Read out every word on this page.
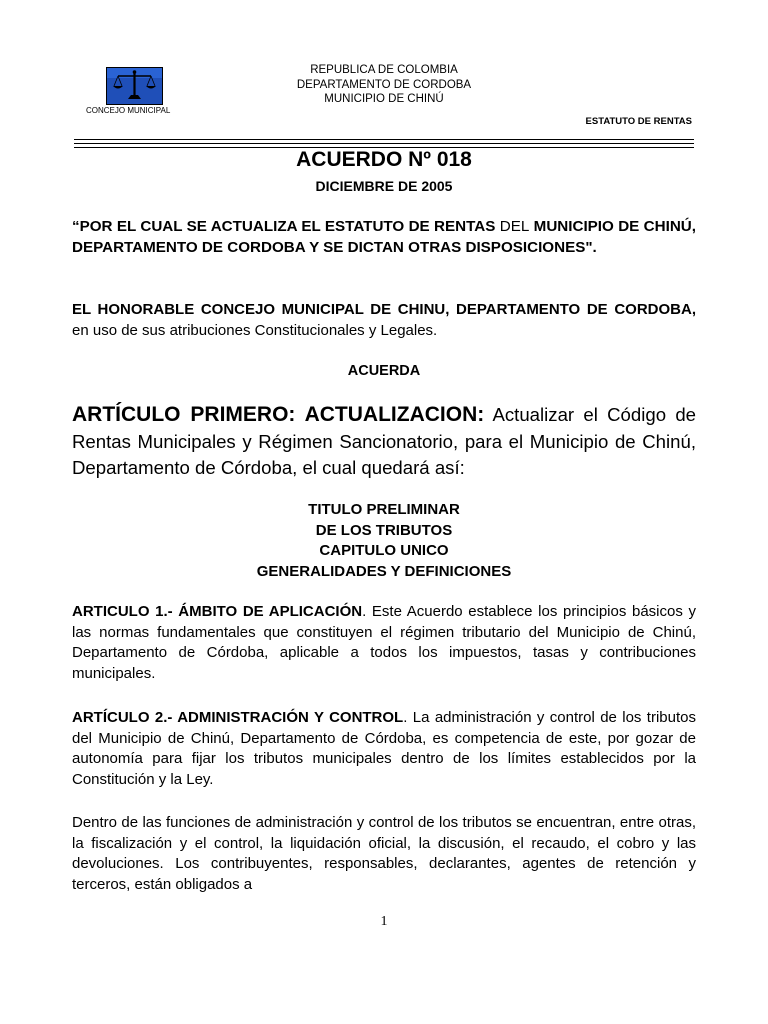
CONCEJO MUNICIPAL
REPUBLICA DE COLOMBIA
DEPARTAMENTO DE CORDOBA
MUNICIPIO DE CHINÚ
ESTATUTO DE RENTAS
ACUERDO Nº 018
DICIEMBRE DE 2005
“POR EL CUAL SE ACTUALIZA EL ESTATUTO DE RENTAS DEL MUNICIPIO DE CHINÚ, DEPARTAMENTO DE CORDOBA Y SE DICTAN OTRAS DISPOSICIONES".
EL HONORABLE CONCEJO MUNICIPAL DE CHINU, DEPARTAMENTO DE CORDOBA, en uso de sus atribuciones Constitucionales y Legales.
ACUERDA
ARTÍCULO PRIMERO: ACTUALIZACION: Actualizar el Código de Rentas Municipales y Régimen Sancionatorio, para el Municipio de Chinú, Departamento de Córdoba, el cual quedará así:
TITULO PRELIMINAR
DE LOS TRIBUTOS
CAPITULO UNICO
GENERALIDADES Y DEFINICIONES
ARTICULO 1.- ÁMBITO DE APLICACIÓN. Este Acuerdo establece los principios básicos y las normas fundamentales que constituyen el régimen tributario del Municipio de Chinú, Departamento de Córdoba, aplicable a todos los impuestos, tasas y contribuciones municipales.
ARTÍCULO 2.- ADMINISTRACIÓN Y CONTROL. La administración y control de los tributos del Municipio de Chinú, Departamento de Córdoba, es competencia de este, por gozar de autonomía para fijar los tributos municipales dentro de los límites establecidos por la Constitución y la Ley.
Dentro de las funciones de administración y control de los tributos se encuentran, entre otras, la fiscalización y el control, la liquidación oficial, la discusión, el recaudo, el cobro y las devoluciones. Los contribuyentes, responsables, declarantes, agentes de retención y terceros, están obligados a
1
